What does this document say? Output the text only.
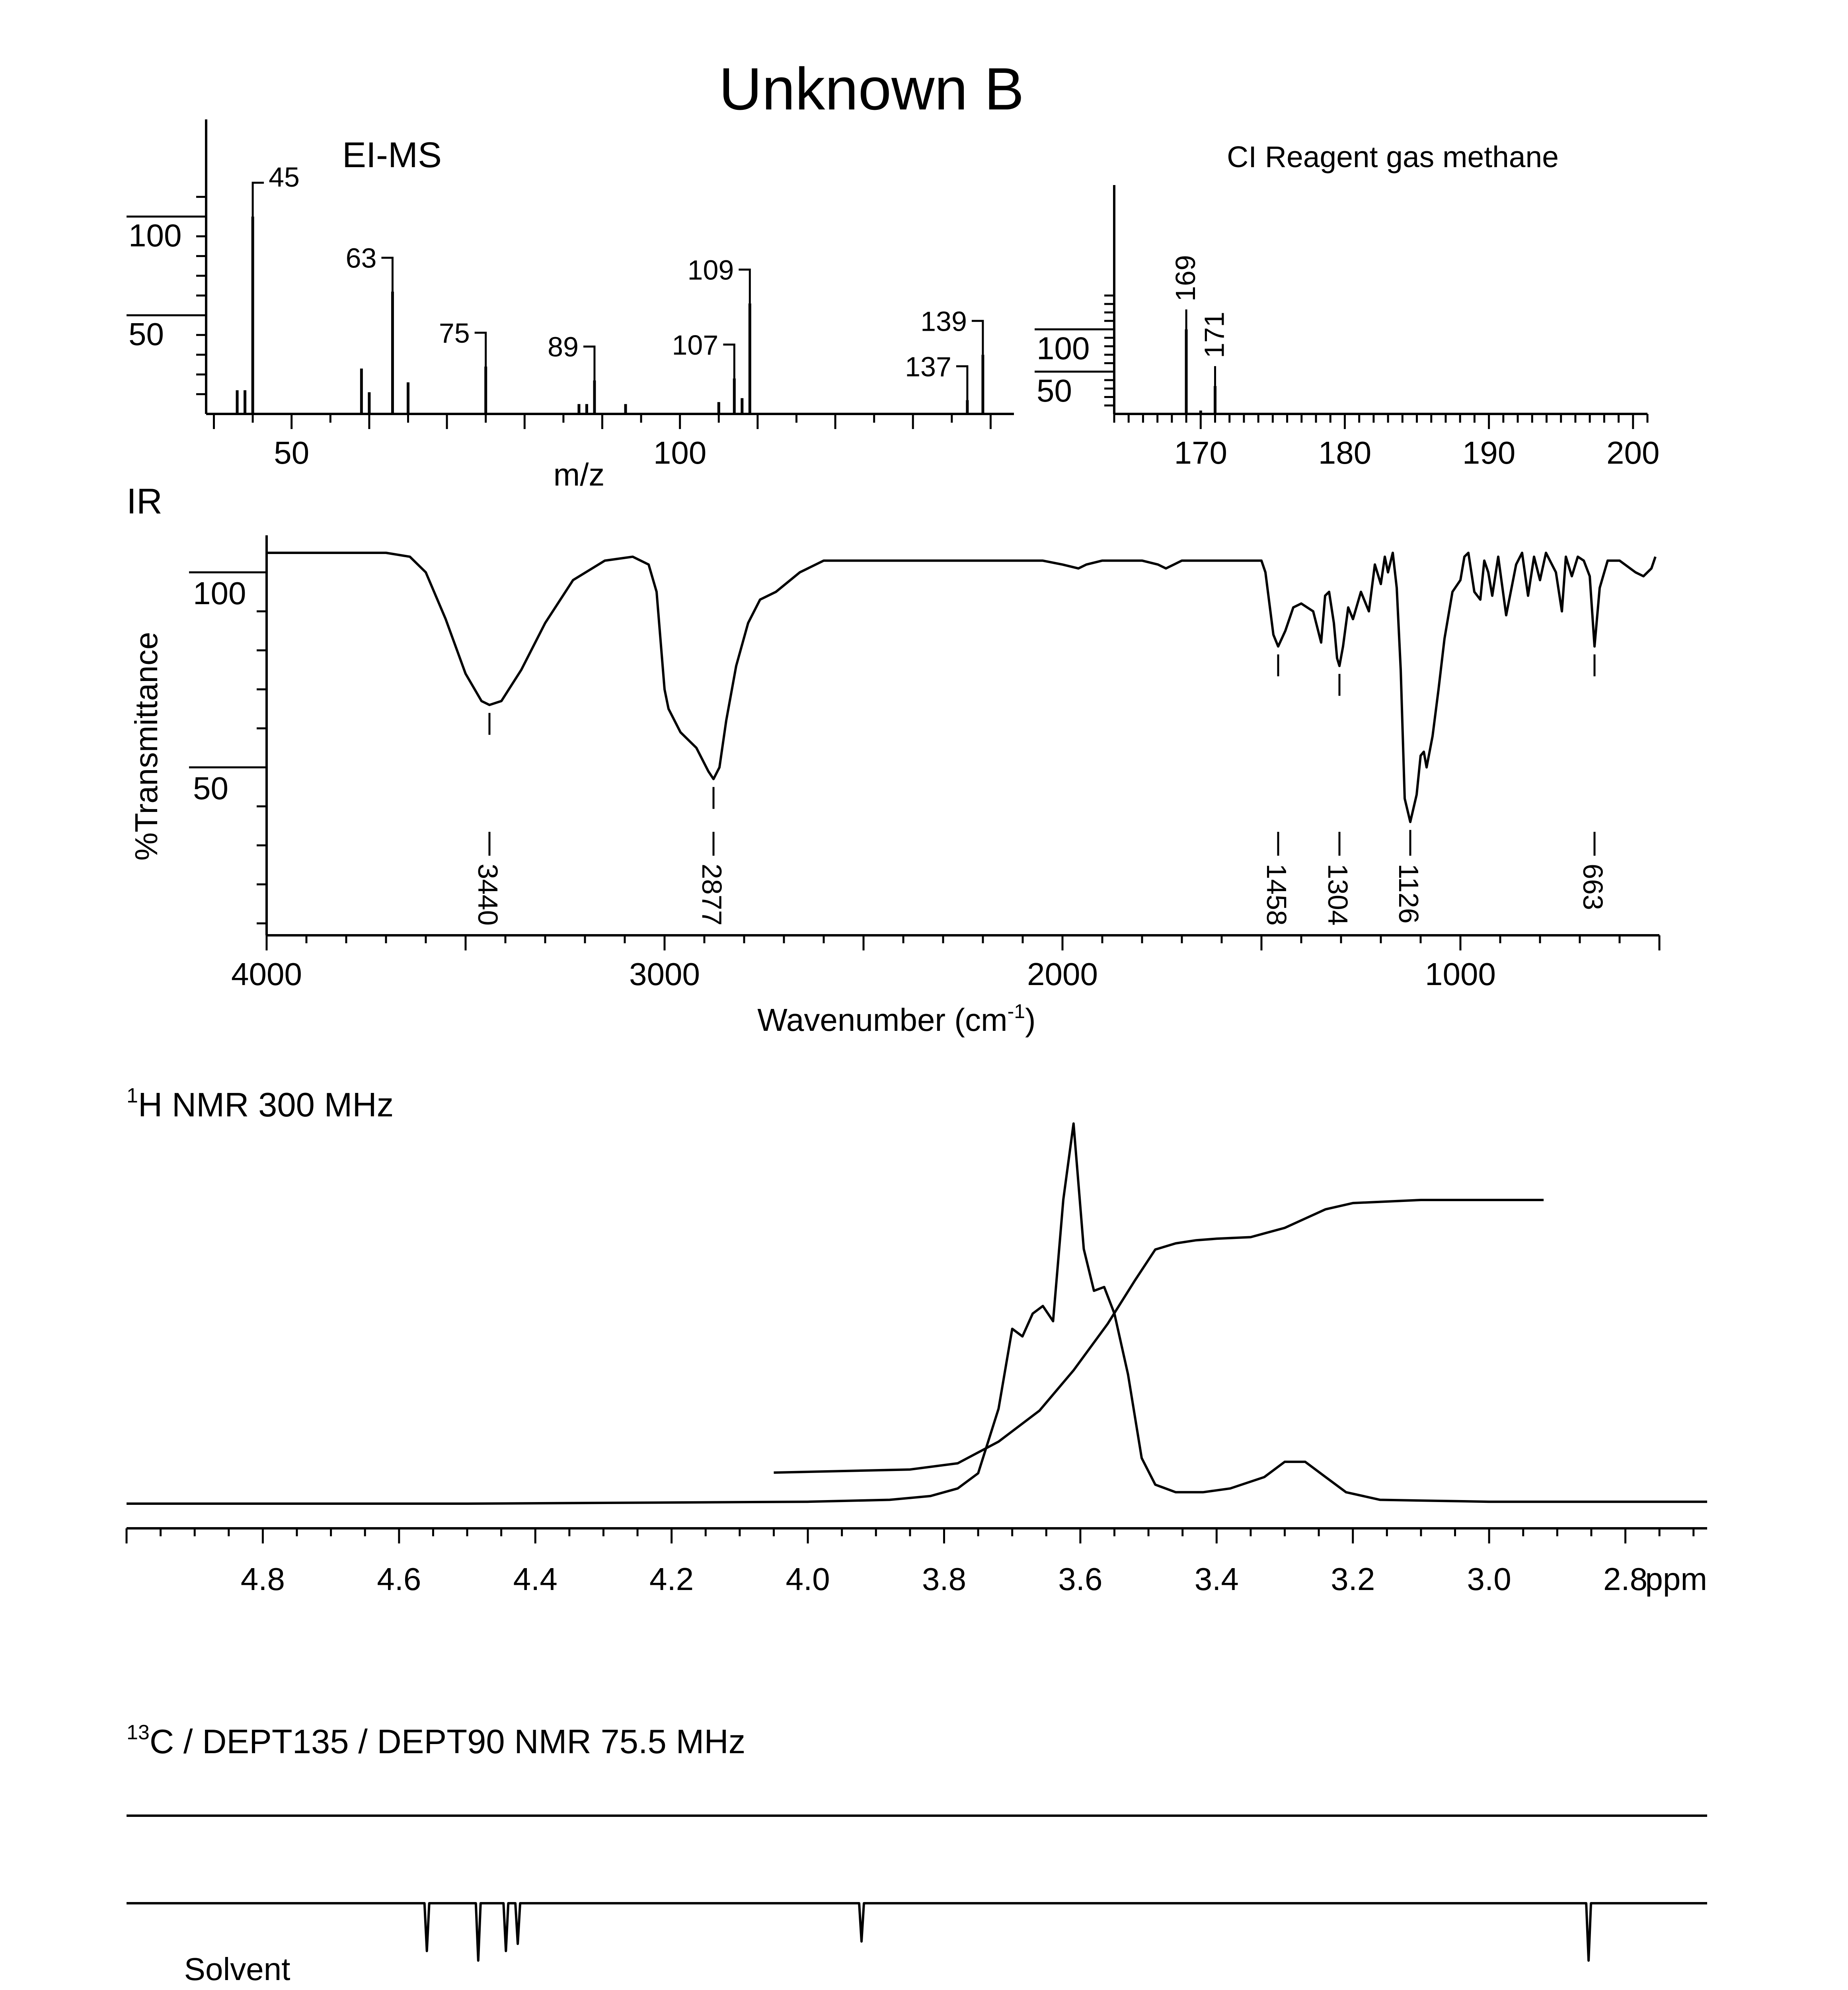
Unknown B
EI-MS
m/z
50
100
50	100
45
63
75	89	107
109
137
139
CI Reagent gas methane
50
100
170	180	190	200
169
171
IR
%Transmittance
Wavenumber $(cm^{-1})$
50
100
4000	3000	2000	1000
3440	2877	1458 1304 1126	663
$^1$H NMR 300 MHz
4.8	4.6	4.4	4.2	4.0	3.8	3.6	3.4	3.2	3.0	2.8
ppm
$^{13}$C / DEPT135 / DEPT90 NMR 75.5 MHz
Solvent
